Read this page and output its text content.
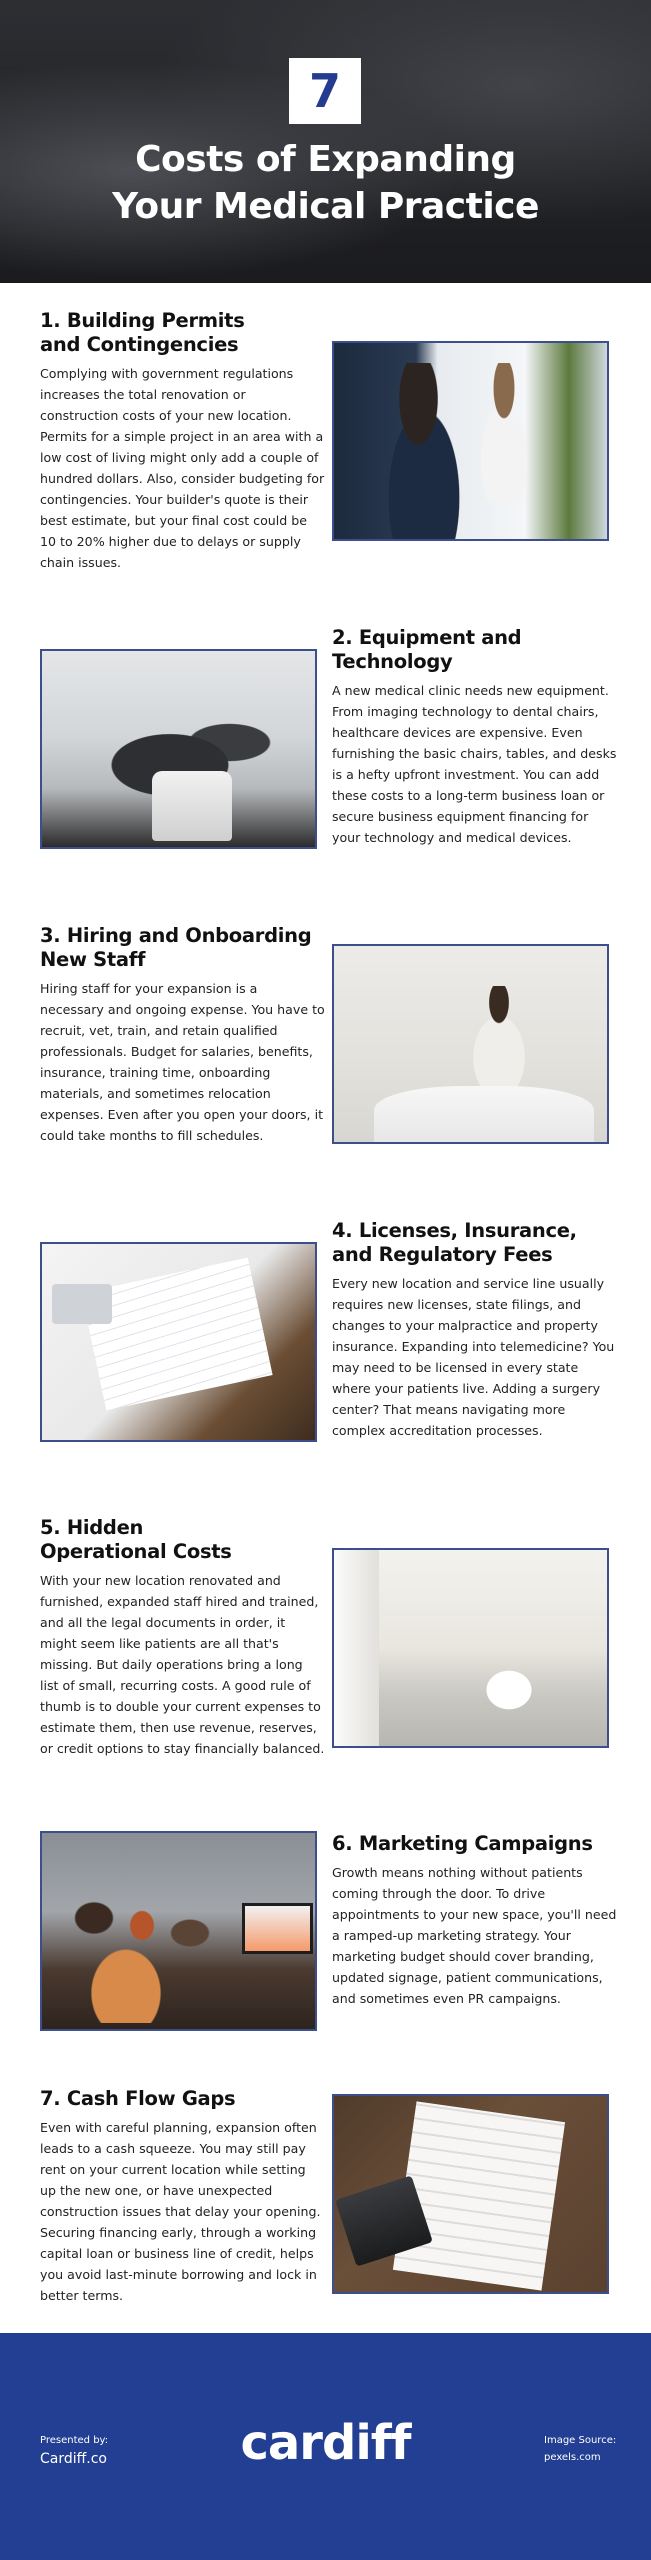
7
Costs of Expanding
Your Medical Practice
1. Building Permits and Contingencies

Complying with government regulations increases the total renovation or construction costs of your new location. Permits for a simple project in an area with a low cost of living might only add a couple of hundred dollars. Also, consider budgeting for contingencies. Your builder's quote is their best estimate, but your final cost could be 10 to 20% higher due to delays or supply chain issues.

2. Equipment and Technology

A new medical clinic needs new equipment. From imaging technology to dental chairs, healthcare devices are expensive. Even furnishing the basic chairs, tables, and desks is a hefty upfront investment. You can add these costs to a long-term business loan or secure business equipment financing for your technology and medical devices.

3. Hiring and Onboarding New Staff

Hiring staff for your expansion is a necessary and ongoing expense. You have to recruit, vet, train, and retain qualified professionals. Budget for salaries, benefits, insurance, training time, onboarding materials, and sometimes relocation expenses. Even after you open your doors, it could take months to fill schedules.

4. Licenses, Insurance, and Regulatory Fees

Every new location and service line usually requires new licenses, state filings, and changes to your malpractice and property insurance. Expanding into telemedicine? You may need to be licensed in every state where your patients live. Adding a surgery center? That means navigating more complex accreditation processes.

5. Hidden Operational Costs

With your new location renovated and furnished, expanded staff hired and trained, and all the legal documents in order, it might seem like patients are all that's missing. But daily operations bring a long list of small, recurring costs. A good rule of thumb is to double your current expenses to estimate them, then use revenue, reserves, or credit options to stay financially balanced.

6. Marketing Campaigns

Growth means nothing without patients coming through the door. To drive appointments to your new space, you'll need a ramped-up marketing strategy. Your marketing budget should cover branding, updated signage, patient communications, and sometimes even PR campaigns.

7. Cash Flow Gaps

Even with careful planning, expansion often leads to a cash squeeze. You may still pay rent on your current location while setting up the new one, or have unexpected construction issues that delay your opening. Securing financing early, through a working capital loan or business line of credit, helps you avoid last-minute borrowing and lock in better terms.

Presented by:
Cardiff.co	cardiff	Image Source:
pexels.com
